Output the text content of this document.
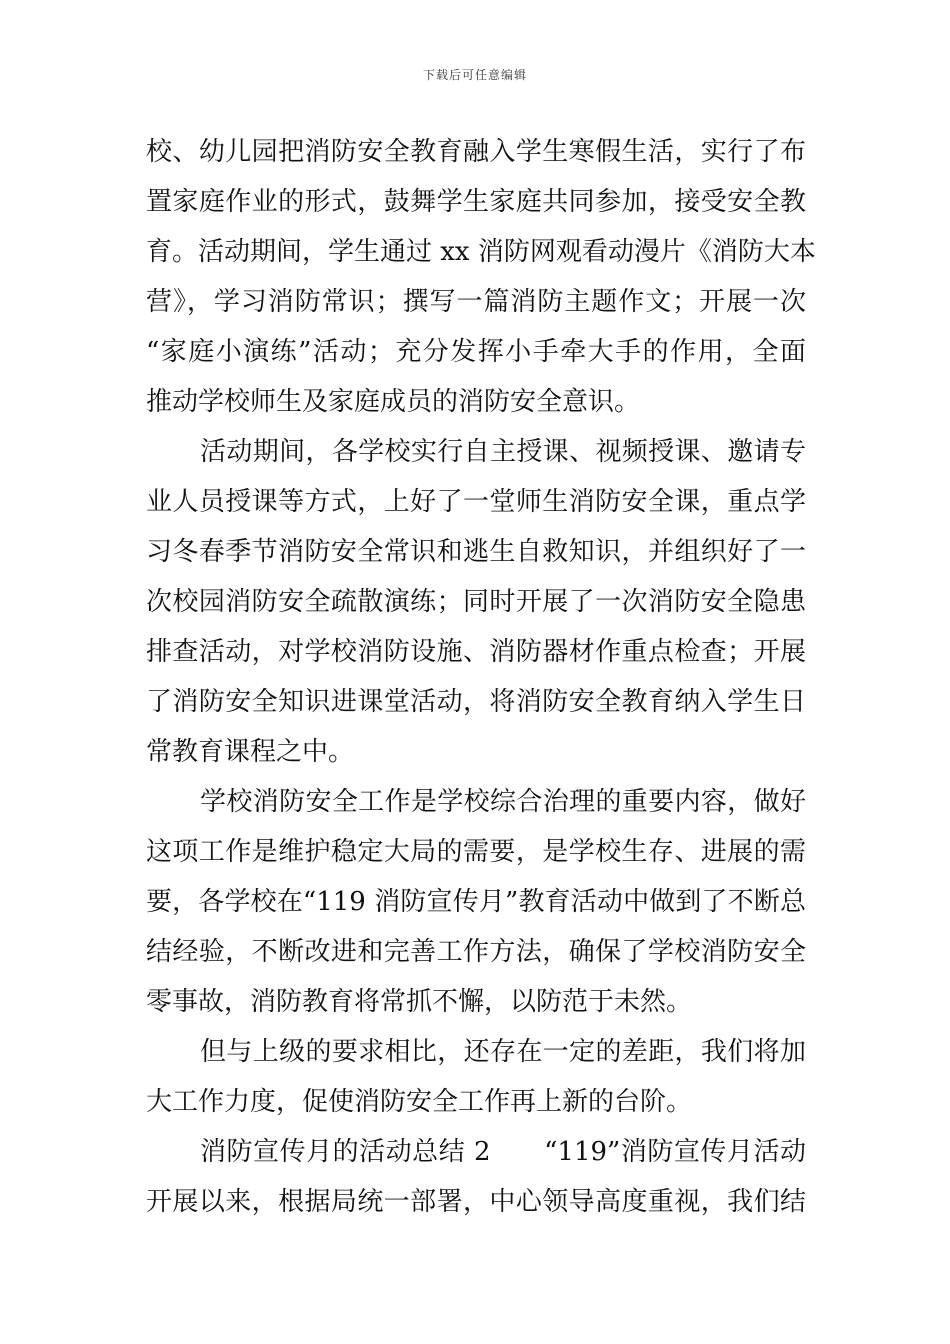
下载后可任意编辑
校、幼儿园把消防安全教育融入学生寒假生活，实行了布
置家庭作业的形式，鼓舞学生家庭共同参加，接受安全教
育。活动期间，学生通过 xx 消防网观看动漫片《消防大本
营》，学习消防常识；撰写一篇消防主题作文；开展一次
“家庭小演练”活动；充分发挥小手牵大手的作用，全面
推动学校师生及家庭成员的消防安全意识。
活动期间，各学校实行自主授课、视频授课、邀请专
业人员授课等方式，上好了一堂师生消防安全课，重点学
习冬春季节消防安全常识和逃生自救知识，并组织好了一
次校园消防安全疏散演练；同时开展了一次消防安全隐患
排查活动，对学校消防设施、消防器材作重点检查；开展
了消防安全知识进课堂活动，将消防安全教育纳入学生日
常教育课程之中。
学校消防安全工作是学校综合治理的重要内容，做好
这项工作是维护稳定大局的需要，是学校生存、进展的需
要，各学校在“119 消防宣传月”教育活动中做到了不断总
结经验，不断改进和完善工作方法，确保了学校消防安全
零事故，消防教育将常抓不懈，以防范于未然。
但与上级的要求相比，还存在一定的差距，我们将加
大工作力度，促使消防安全工作再上新的台阶。
消防宣传月的活动总结 2　　“119”消防宣传月活动
开展以来，根据局统一部署，中心领导高度重视，我们结
